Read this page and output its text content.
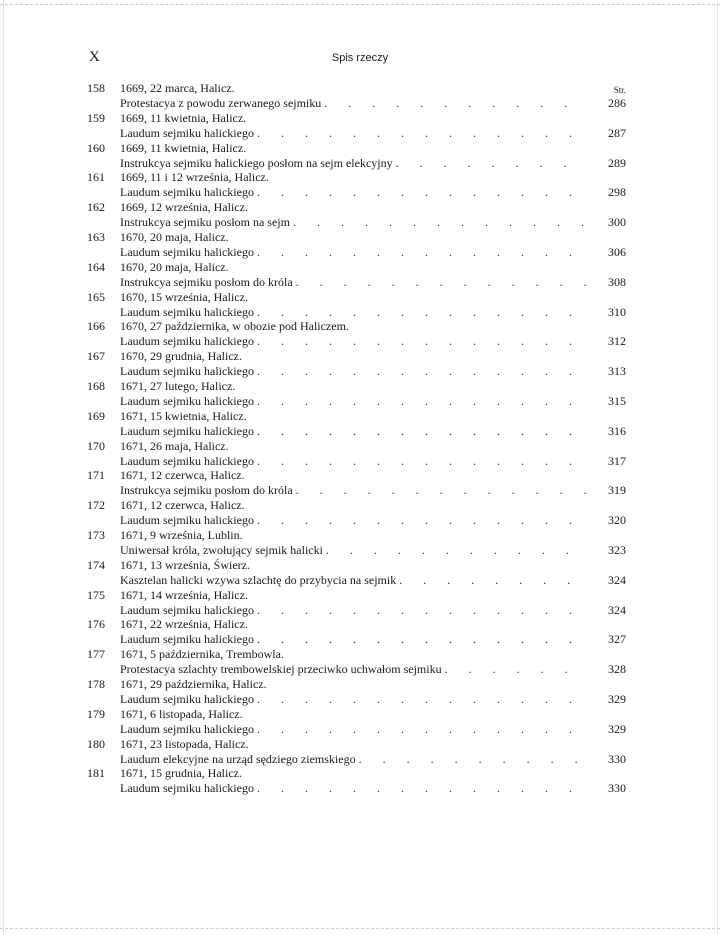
X	Spis rzeczy
158	1669, 22 marca, Halicz.	Str.
Protestacya z powodu zerwanego sejmiku .	286
159	1669, 11 kwietnia, Halicz.
Laudum sejmiku halickiego .	287
160	1669, 11 kwietnia, Halicz.
Instrukcya sejmiku halickiego posłom na sejm elekcyjny .	289
161	1669, 11 i 12 września, Halicz.
Laudum sejmiku halickiego .	298
162	1669, 12 września, Halicz.
Instrukcya sejmiku posłom na sejm .	300
163	1670, 20 maja, Halicz.
Laudum sejmiku halickiego .	306
164	1670, 20 maja, Halicz.
Instrukcya sejmiku posłom do króla .	308
165	1670, 15 września, Halicz.
Laudum sejmiku halickiego .	310
166	1670, 27 października, w obozie pod Haliczem.
Laudum sejmiku halickiego .	312
167	1670, 29 grudnia, Halicz.
Laudum sejmiku halickiego .	313
168	1671, 27 lutego, Halicz.
Laudum sejmiku halickiego .	315
169	1671, 15 kwietnia, Halicz.
Laudum sejmiku halickiego .	316
170	1671, 26 maja, Halicz.
Laudum sejmiku halickiego .	317
171	1671, 12 czerwca, Halicz.
Instrukcya sejmiku posłom do króla .	319
172	1671, 12 czerwca, Halicz.
Laudum sejmiku halickiego .	320
173	1671, 9 września, Lublin.
Uniwersał króla, zwołujący sejmik halicki .	323
174	1671, 13 września, Świerz.
Kasztelan halicki wzywa szlachtę do przybycia na sejmik .	324
175	1671, 14 września, Halicz.
Laudum sejmiku halickiego .	324
176	1671, 22 września, Halicz.
Laudum sejmiku halickiego .	327
177	1671, 5 października, Trembowla.
Protestacya szlachty trembowelskiej przeciwko uchwałom sejmiku .	328
178	1671, 29 października, Halicz.
Laudum sejmiku halickiego .	329
179	1671, 6 listopada, Halicz.
Laudum sejmiku halickiego .	329
180	1671, 23 listopada, Halicz.
Laudum elekcyjne na urząd sędziego ziemskiego .	330
181	1671, 15 grudnia, Halicz.
Laudum sejmiku halickiego .	330
